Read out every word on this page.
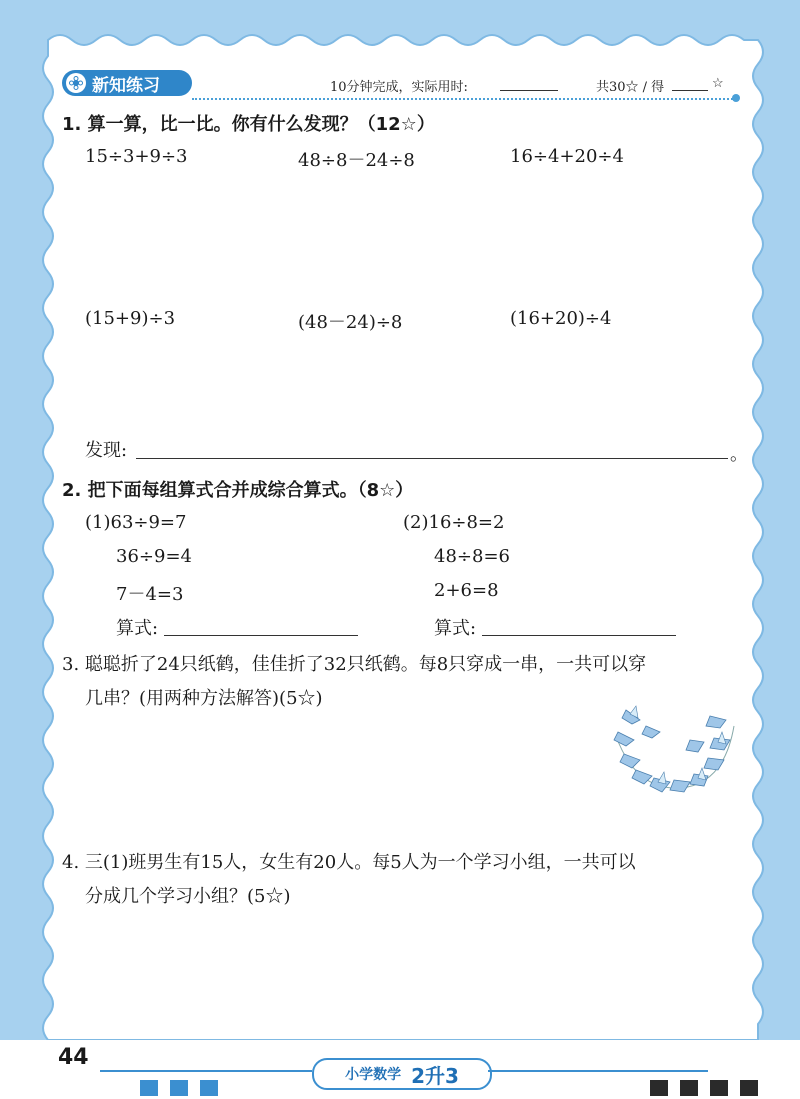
新知练习	10分钟完成，实际用时:	共30☆ / 得	☆
1. 算一算，比一比。你有什么发现？（12☆）
15÷3+9÷3	48÷8－24÷8	16÷4+20÷4
(15+9)÷3	(48－24)÷8	(16+20)÷4
发现:	。
2. 把下面每组算式合并成综合算式。（8☆）
(1)63÷9=7
36÷9=4
7－4=3
算式:
(2)16÷8=2
48÷8=6
2+6=8
算式:
3. 聪聪折了24只纸鹤，佳佳折了32只纸鹤。每8只穿成一串，一共可以穿
几串？(用两种方法解答)(5☆)
4. 三(1)班男生有15人，女生有20人。每5人为一个学习小组，一共可以
分成几个学习小组？(5☆)
44
小学数学 2升3
